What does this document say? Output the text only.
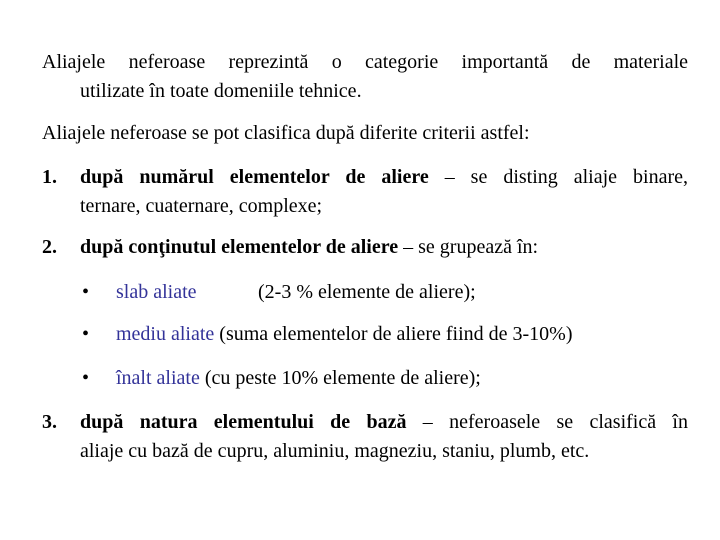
Aliajele neferoase reprezintă o categorie importantă de materiale
utilizate în toate domeniile tehnice.
Aliajele neferoase se pot clasifica după diferite criterii astfel:
1. după numărul elementelor de aliere – se disting aliaje binare,
ternare, cuaternare, complexe;
2. după conţinutul elementelor de aliere – se grupează în:
• slab aliate	(2-3 % elemente de aliere);
• mediu aliate (suma elementelor de aliere fiind de 3-10%)
• înalt aliate (cu peste 10% elemente de aliere);
3. după natura elementului de bază – neferoasele se clasifică în
aliaje cu bază de cupru, aluminiu, magneziu, staniu, plumb, etc.
